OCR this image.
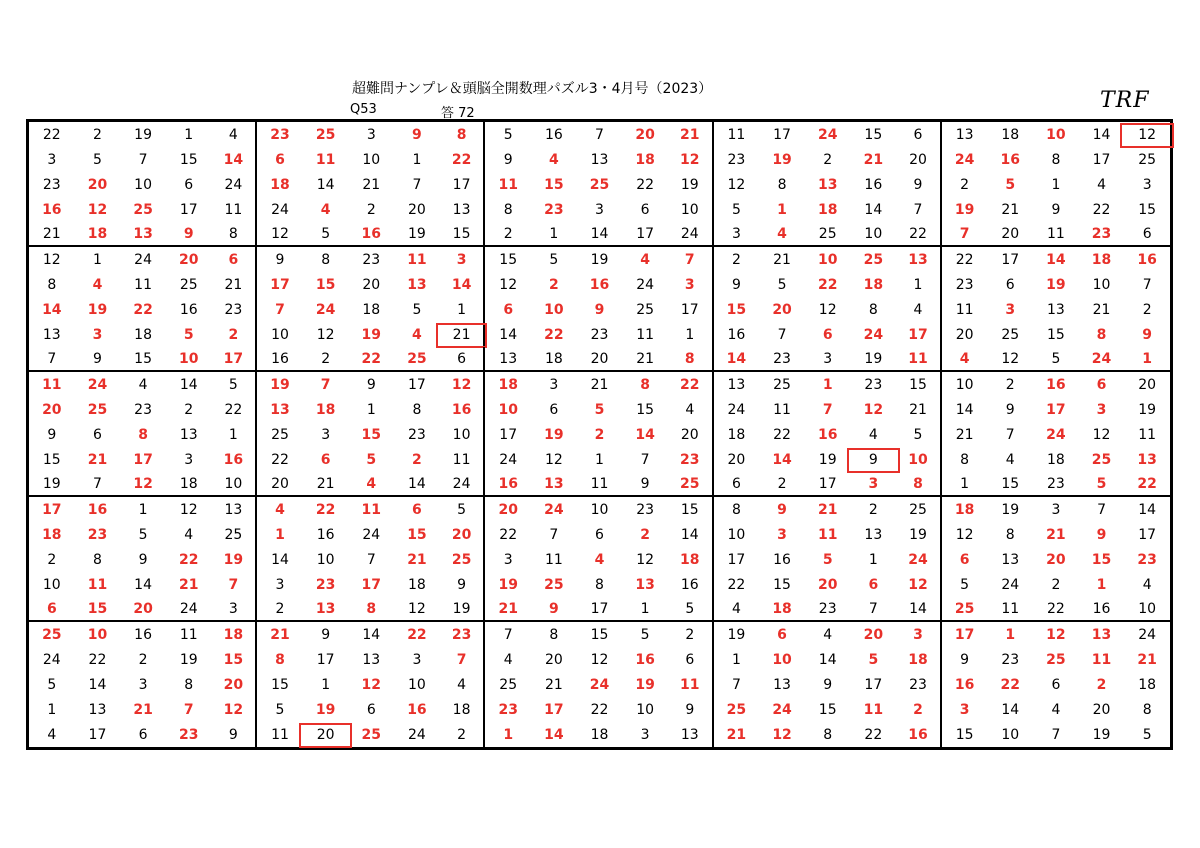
超難問ナンプレ＆頭脳全開数理パズル3・4月号（2023）
Q53	答 72
TRF
22	2	19	1	4	23	25	3	9	8	5	16	7	20	21	11	17	24	15	6	13	18	10	14	12
3	5	7	15	14	6	11	10	1	22	9	4	13	18	12	23	19	2	21	20	24	16	8	17	25
23	20	10	6	24	18	14	21	7	17	11	15	25	22	19	12	8	13	16	9	2	5	1	4	3
16	12	25	17	11	24	4	2	20	13	8	23	3	6	10	5	1	18	14	7	19	21	9	22	15
21	18	13	9	8	12	5	16	19	15	2	1	14	17	24	3	4	25	10	22	7	20	11	23	6
12	1	24	20	6	9	8	23	11	3	15	5	19	4	7	2	21	10	25	13	22	17	14	18	16
8	4	11	25	21	17	15	20	13	14	12	2	16	24	3	9	5	22	18	1	23	6	19	10	7
14	19	22	16	23	7	24	18	5	1	6	10	9	25	17	15	20	12	8	4	11	3	13	21	2
13	3	18	5	2	10	12	19	4	21	14	22	23	11	1	16	7	6	24	17	20	25	15	8	9
7	9	15	10	17	16	2	22	25	6	13	18	20	21	8	14	23	3	19	11	4	12	5	24	1
11	24	4	14	5	19	7	9	17	12	18	3	21	8	22	13	25	1	23	15	10	2	16	6	20
20	25	23	2	22	13	18	1	8	16	10	6	5	15	4	24	11	7	12	21	14	9	17	3	19
9	6	8	13	1	25	3	15	23	10	17	19	2	14	20	18	22	16	4	5	21	7	24	12	11
15	21	17	3	16	22	6	5	2	11	24	12	1	7	23	20	14	19	9	10	8	4	18	25	13
19	7	12	18	10	20	21	4	14	24	16	13	11	9	25	6	2	17	3	8	1	15	23	5	22
17	16	1	12	13	4	22	11	6	5	20	24	10	23	15	8	9	21	2	25	18	19	3	7	14
18	23	5	4	25	1	16	24	15	20	22	7	6	2	14	10	3	11	13	19	12	8	21	9	17
2	8	9	22	19	14	10	7	21	25	3	11	4	12	18	17	16	5	1	24	6	13	20	15	23
10	11	14	21	7	3	23	17	18	9	19	25	8	13	16	22	15	20	6	12	5	24	2	1	4
6	15	20	24	3	2	13	8	12	19	21	9	17	1	5	4	18	23	7	14	25	11	22	16	10
25	10	16	11	18	21	9	14	22	23	7	8	15	5	2	19	6	4	20	3	17	1	12	13	24
24	22	2	19	15	8	17	13	3	7	4	20	12	16	6	1	10	14	5	18	9	23	25	11	21
5	14	3	8	20	15	1	12	10	4	25	21	24	19	11	7	13	9	17	23	16	22	6	2	18
1	13	21	7	12	5	19	6	16	18	23	17	22	10	9	25	24	15	11	2	3	14	4	20	8
4	17	6	23	9	11	20	25	24	2	1	14	18	3	13	21	12	8	22	16	15	10	7	19	5
